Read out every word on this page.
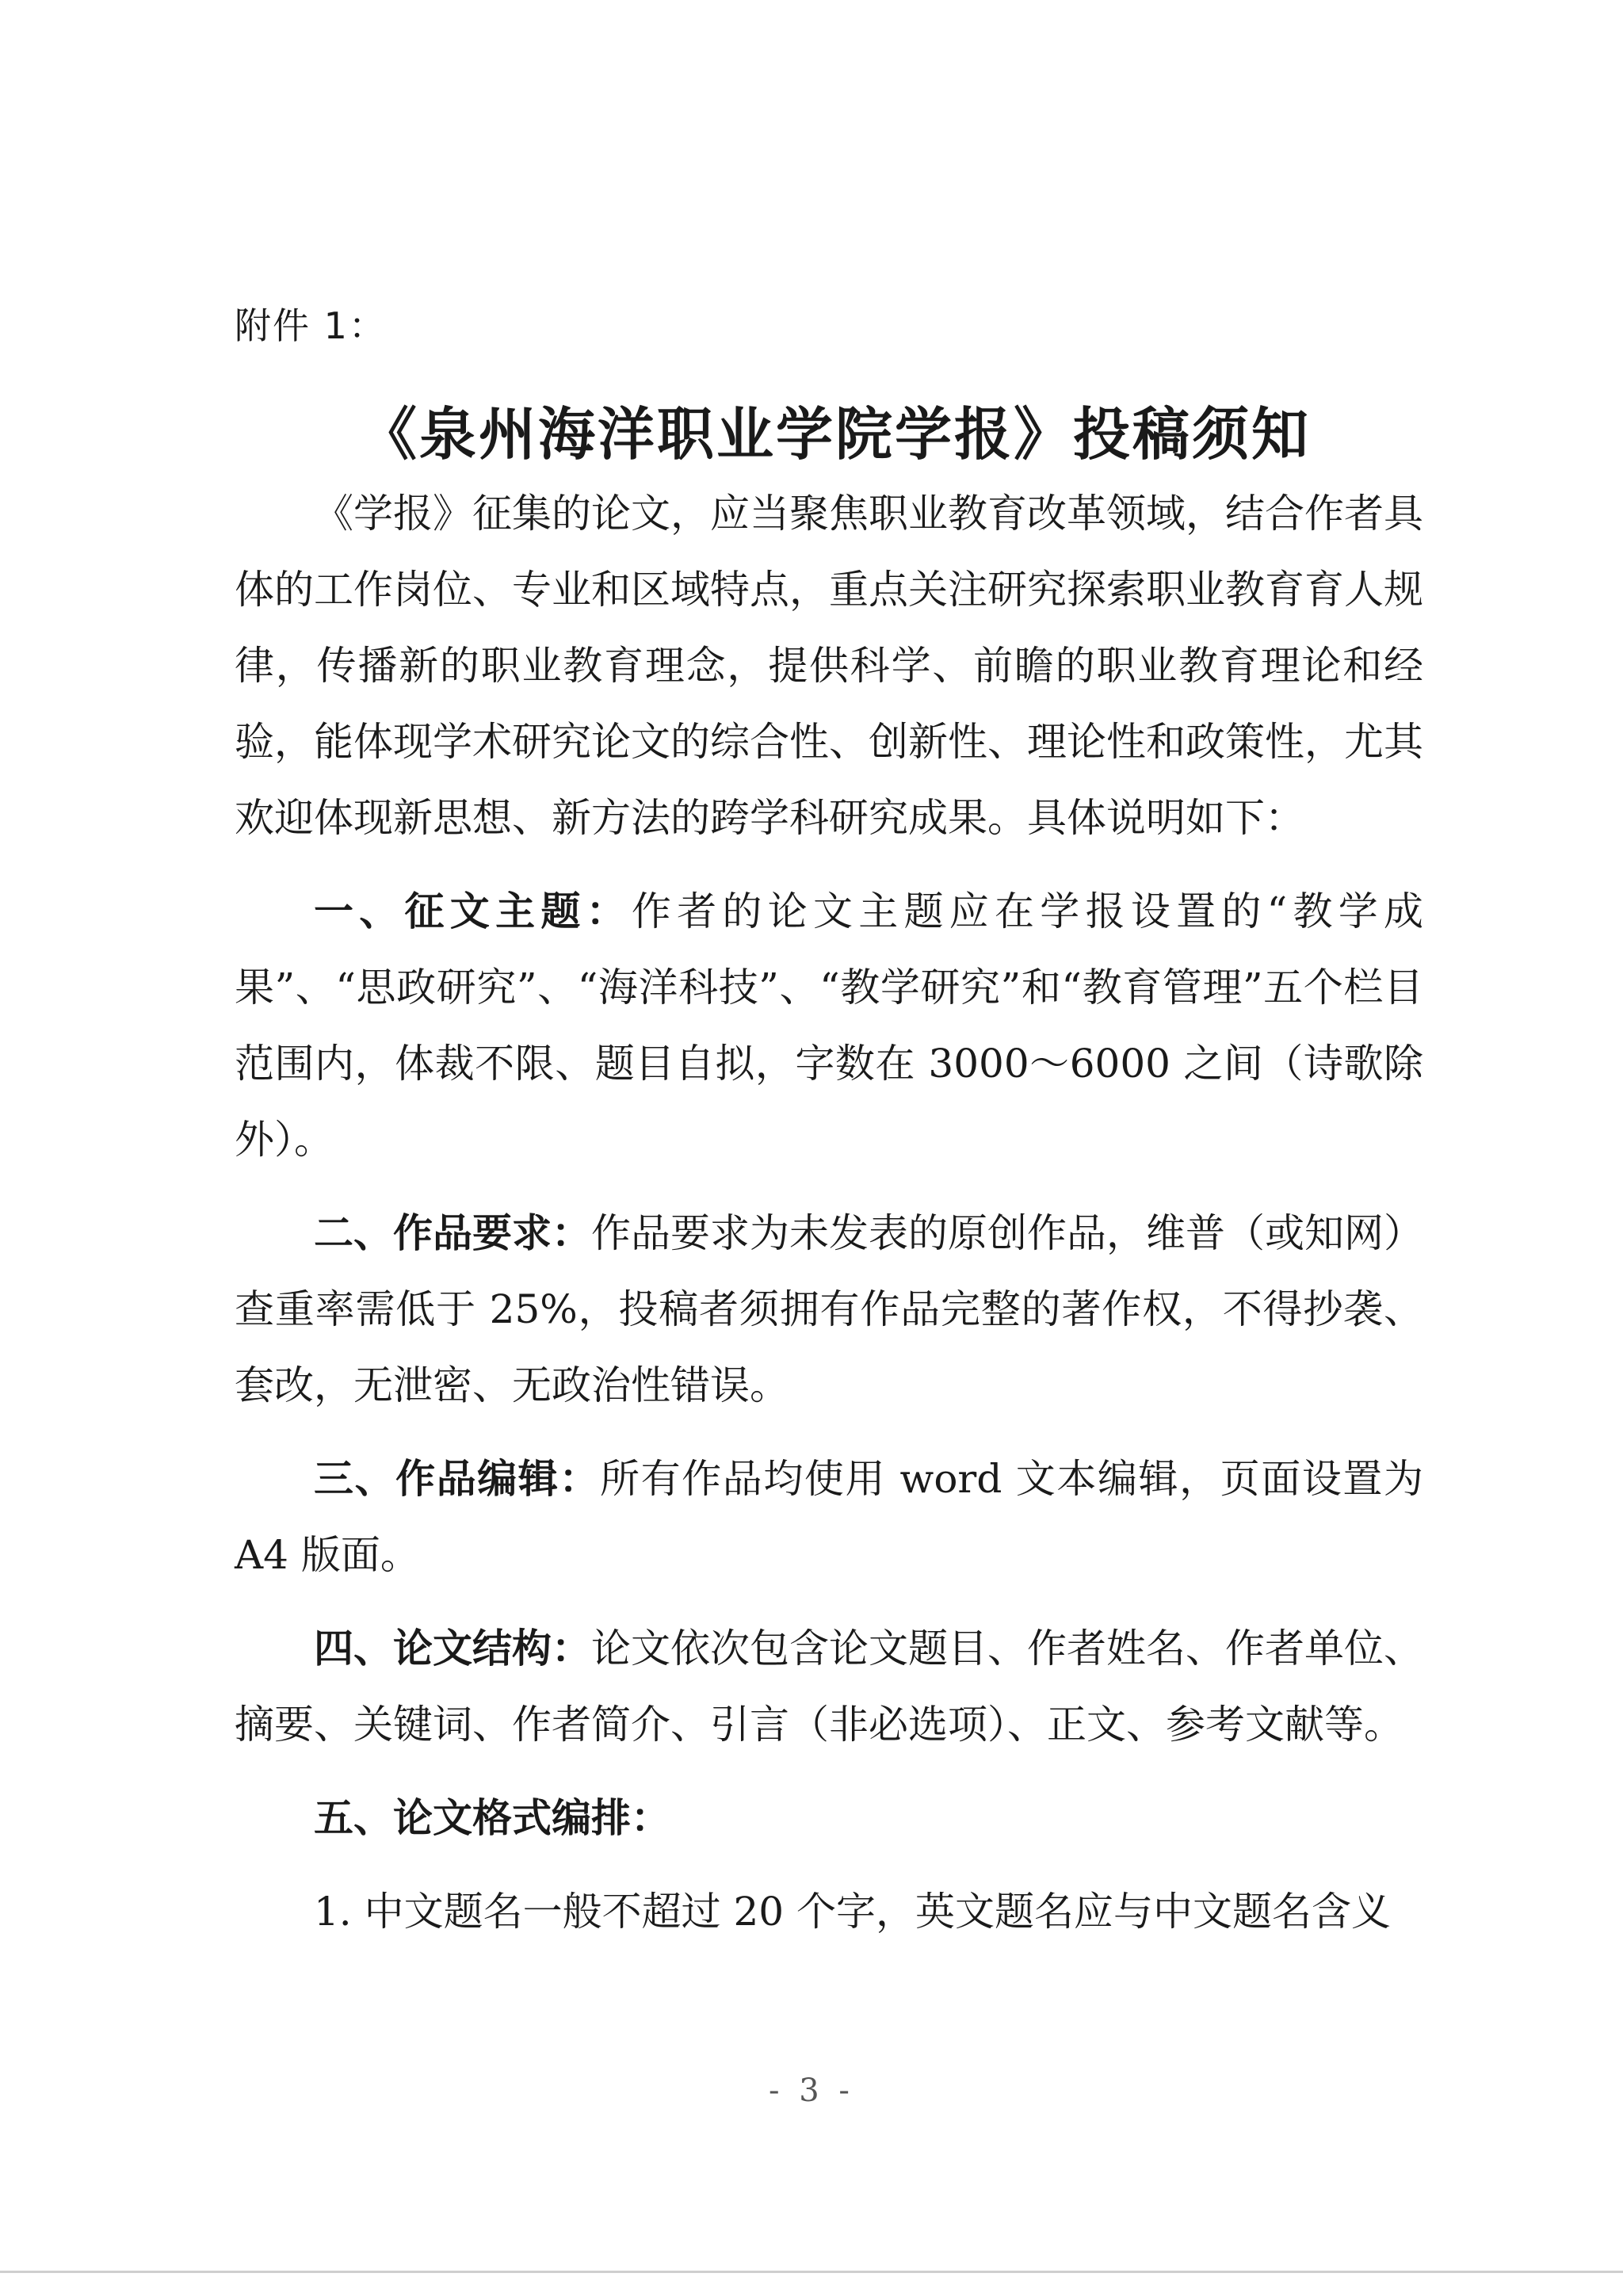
附件 1：
《泉州海洋职业学院学报》投稿须知

《学报》征集的论文，应当聚焦职业教育改革领域，结合作者具体的工作岗位、专业和区域特点，重点关注研究探索职业教育育人规律，传播新的职业教育理念，提供科学、前瞻的职业教育理论和经验，能体现学术研究论文的综合性、创新性、理论性和政策性，尤其欢迎体现新思想、新方法的跨学科研究成果。具体说明如下：

一、征文主题：作者的论文主题应在学报设置的“教学成果”、“思政研究”、“海洋科技”、“教学研究”和“教育管理”五个栏目范围内，体裁不限、题目自拟，字数在 3000～6000 之间（诗歌除外）。

二、作品要求：作品要求为未发表的原创作品，维普（或知网）查重率需低于 25%，投稿者须拥有作品完整的著作权，不得抄袭、套改，无泄密、无政治性错误。

三、作品编辑：所有作品均使用 word 文本编辑，页面设置为 A4 版面。

四、论文结构：论文依次包含论文题目、作者姓名、作者单位、摘要、关键词、作者简介、引言（非必选项）、正文、参考文献等。

五、论文格式编排：

1. 中文题名一般不超过 20 个字，英文题名应与中文题名含义

- 3 -
